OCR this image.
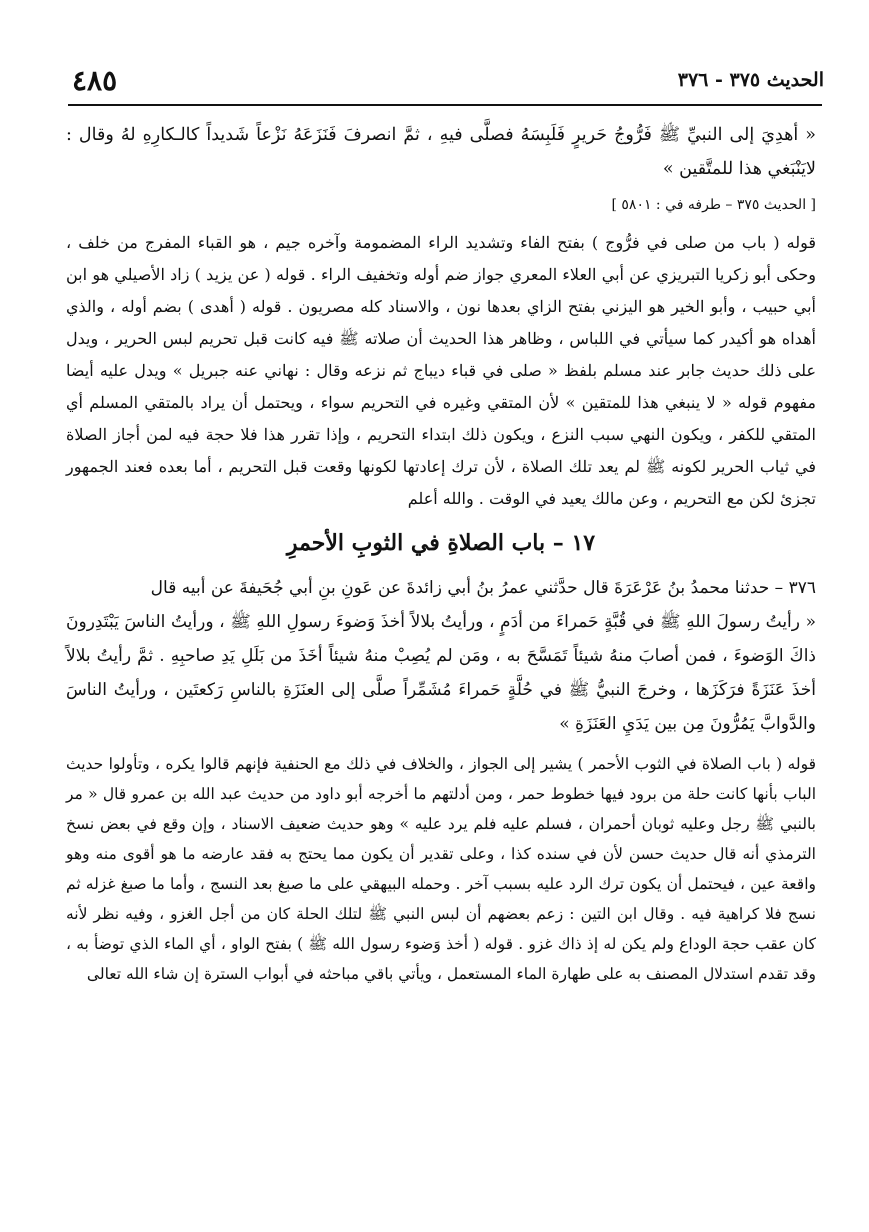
الحديث ٣٧٥ - ٣٧٦
٤٨٥

« أهدِيَ إلى النبيِّ ﷺ فَرُّوجُ حَريرٍ فَلَبِسَهُ فصلَّى فيهِ ، ثمَّ انصرفَ فَنَزَعَهُ نَزْعاً شَديداً كالـكارِهِ لهُ وقال : لايَنْبَغي هذا للمتَّقين »

[ الحديث ٣٧٥ – طرفه في : ٥٨٠١ ]

قوله ( باب من صلى في فرُّوج ) بفتح الفاء وتشديد الراء المضمومة وآخره جيم ، هو القباء المفرج من خلف ، وحكى أبو زكريا التبريزي عن أبي العلاء المعري جواز ضم أوله وتخفيف الراء . قوله ( عن يزيد ) زاد الأصيلي هو ابن أبي حبيب ، وأبو الخير هو اليزني بفتح الزاي بعدها نون ، والاسناد كله مصريون . قوله ( أهدى ) بضم أوله ، والذي أهداه هو أكيدر كما سيأتي في اللباس ، وظاهر هذا الحديث أن صلاته ﷺ فيه كانت قبل تحريم لبس الحرير ، ويدل على ذلك حديث جابر عند مسلم بلفظ « صلى في قباء ديباج ثم نزعه وقال : نهاني عنه جبريل » ويدل عليه أيضا مفهوم قوله « لا ينبغي هذا للمتقين » لأن المتقي وغيره في التحريم سواء ، ويحتمل أن يراد بالمتقي المسلم أي المتقي للكفر ، ويكون النهي سبب النزع ، ويكون ذلك ابتداء التحريم ، وإذا تقرر هذا فلا حجة فيه لمن أجاز الصلاة في ثياب الحرير لكونه ﷺ لم يعد تلك الصلاة ، لأن ترك إعادتها لكونها وقعت قبل التحريم ، أما بعده فعند الجمهور تجزئ لكن مع التحريم ، وعن مالك يعيد في الوقت . والله أعلم

١٧ – باب الصلاةِ في الثوبِ الأحمرِ

٣٧٦ – حدثنا محمدُ بنُ عَرْعَرَةَ قال حدَّثني عمرُ بنُ أبي زائدةَ عن عَونِ بنِ أبي جُحَيفةَ عن أبيه قال

« رأيتُ رسولَ اللهِ ﷺ في قُبَّةٍ حَمراءَ من أدَمٍ ، ورأيتُ بلالاً أخذَ وَضوءَ رسولِ اللهِ ﷺ ، ورأيتُ الناسَ يَبْتَدِرونَ ذاكَ الوَضوءَ ، فمن أصابَ منهُ شيئاً تَمَسَّحَ به ، ومَن لم يُصِبْ منهُ شيئاً أخَذَ من بَلَلِ يَدِ صاحبِهِ . ثمَّ رأيتُ بلالاً أخذَ عَنَزَةً فرَكَزَها ، وخرجَ النبيُّ ﷺ في حُلَّةٍ حَمراءَ مُشَمِّراً صلَّى إلى العنَزَةِ بالناسِ رَكعتَين ، ورأيتُ الناسَ والدَّوابَّ يَمُرُّونَ مِن بين يَدَيِ العَنَزَةِ »

قوله ( باب الصلاة في الثوب الأحمر ) يشير إلى الجواز ، والخلاف في ذلك مع الحنفية فإنهم قالوا يكره ، وتأولوا حديث الباب بأنها كانت حلة من برود فيها خطوط حمر ، ومن أدلتهم ما أخرجه أبو داود من حديث عبد الله بن عمرو قال « مر بالنبي ﷺ رجل وعليه ثوبان أحمران ، فسلم عليه فلم يرد عليه » وهو حديث ضعيف الاسناد ، وإن وقع في بعض نسخ الترمذي أنه قال حديث حسن لأن في سنده كذا ، وعلى تقدير أن يكون مما يحتج به فقد عارضه ما هو أقوى منه وهو واقعة عين ، فيحتمل أن يكون ترك الرد عليه بسبب آخر . وحمله البيهقي على ما صبغ بعد النسج ، وأما ما صبغ غزله ثم نسج فلا كراهية فيه . وقال ابن التين : زعم بعضهم أن لبس النبي ﷺ لتلك الحلة كان من أجل الغزو ، وفيه نظر لأنه كان عقب حجة الوداع ولم يكن له إذ ذاك غزو . قوله ( أخذ وَضوء رسول الله ﷺ ) بفتح الواو ، أي الماء الذي توضأ به ، وقد تقدم استدلال المصنف به على طهارة الماء المستعمل ، ويأتي باقي مباحثه في أبواب السترة إن شاء الله تعالى
